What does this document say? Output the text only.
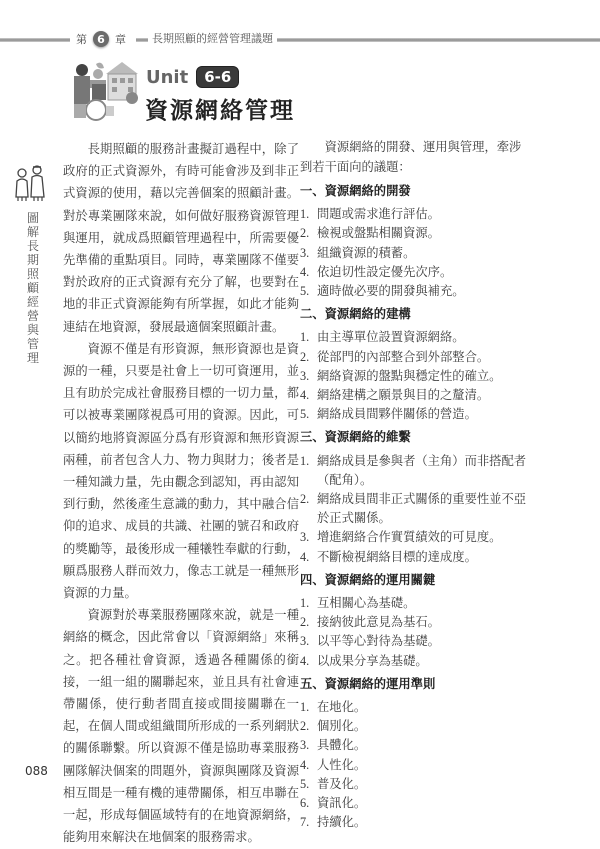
第 6 章	長期照顧的經營管理議題
Unit	6-6
資源網絡管理
圖解長期照顧經營與管理

長期照顧的服務計畫擬訂過程中，除了政府的正式資源外，有時可能會涉及到非正式資源的使用，藉以完善個案的照顧計畫。對於專業團隊來說，如何做好服務資源管理與運用，就成爲照顧管理過程中，所需要優先準備的重點項目。同時，專業團隊不僅要對於政府的正式資源有充分了解，也要對在地的非正式資源能夠有所掌握，如此才能夠連結在地資源，發展最適個案照顧計畫。

資源不僅是有形資源，無形資源也是資源的一種，只要是社會上一切可資運用，並且有助於完成社會服務目標的一切力量，都可以被專業團隊視爲可用的資源。因此，可以簡約地將資源區分爲有形資源和無形資源兩種，前者包含人力、物力與財力；後者是一種知識力量，先由觀念到認知，再由認知到行動，然後產生意識的動力，其中融合信仰的追求、成員的共識、社團的號召和政府的獎勵等，最後形成一種犧牲奉獻的行動，願爲服務人群而效力，像志工就是一種無形資源的力量。

資源對於專業服務團隊來說，就是一種網絡的概念，因此常會以「資源網絡」來稱之。把各種社會資源，透過各種關係的銜接，一組一組的關聯起來，並且具有社會連帶關係，使行動者間直接或間接關聯在一起，在個人間或組織間所形成的一系列網狀的關係聯繫。所以資源不僅是協助專業服務團隊解決個案的問題外，資源與團隊及資源相互間是一種有機的連帶關係，相互串聯在一起，形成每個區域特有的在地資源網絡，能夠用來解決在地個案的服務需求。

資源網絡的開發、運用與管理，牽涉到若干面向的議題：

一、資源網絡的開發
1. 問題或需求進行評估。
2. 檢視或盤點相關資源。
3. 組織資源的積蓄。
4. 依迫切性設定優先次序。
5. 適時做必要的開發與補充。
二、資源網絡的建構
1. 由主導單位設置資源網絡。
2. 從部門的內部整合到外部整合。
3. 網絡資源的盤點與穩定性的確立。
4. 網絡建構之願景與目的之釐清。
5. 網絡成員間夥伴關係的營造。
三、資源網絡的維繫
1. 網絡成員是參與者（主角）而非搭配者（配角）。
2. 網絡成員間非正式關係的重要性並不亞於正式關係。
3. 增進網絡合作實質績效的可見度。
4. 不斷檢視網絡目標的達成度。
四、資源網絡的運用關鍵
1. 互相關心為基礎。
2. 接納彼此意見為基石。
3. 以平等心對待為基礎。
4. 以成果分享為基礎。
五、資源網絡的運用準則
1. 在地化。
2. 個別化。
3. 具體化。
4. 人性化。
5. 普及化。
6. 資訊化。
7. 持續化。
088
